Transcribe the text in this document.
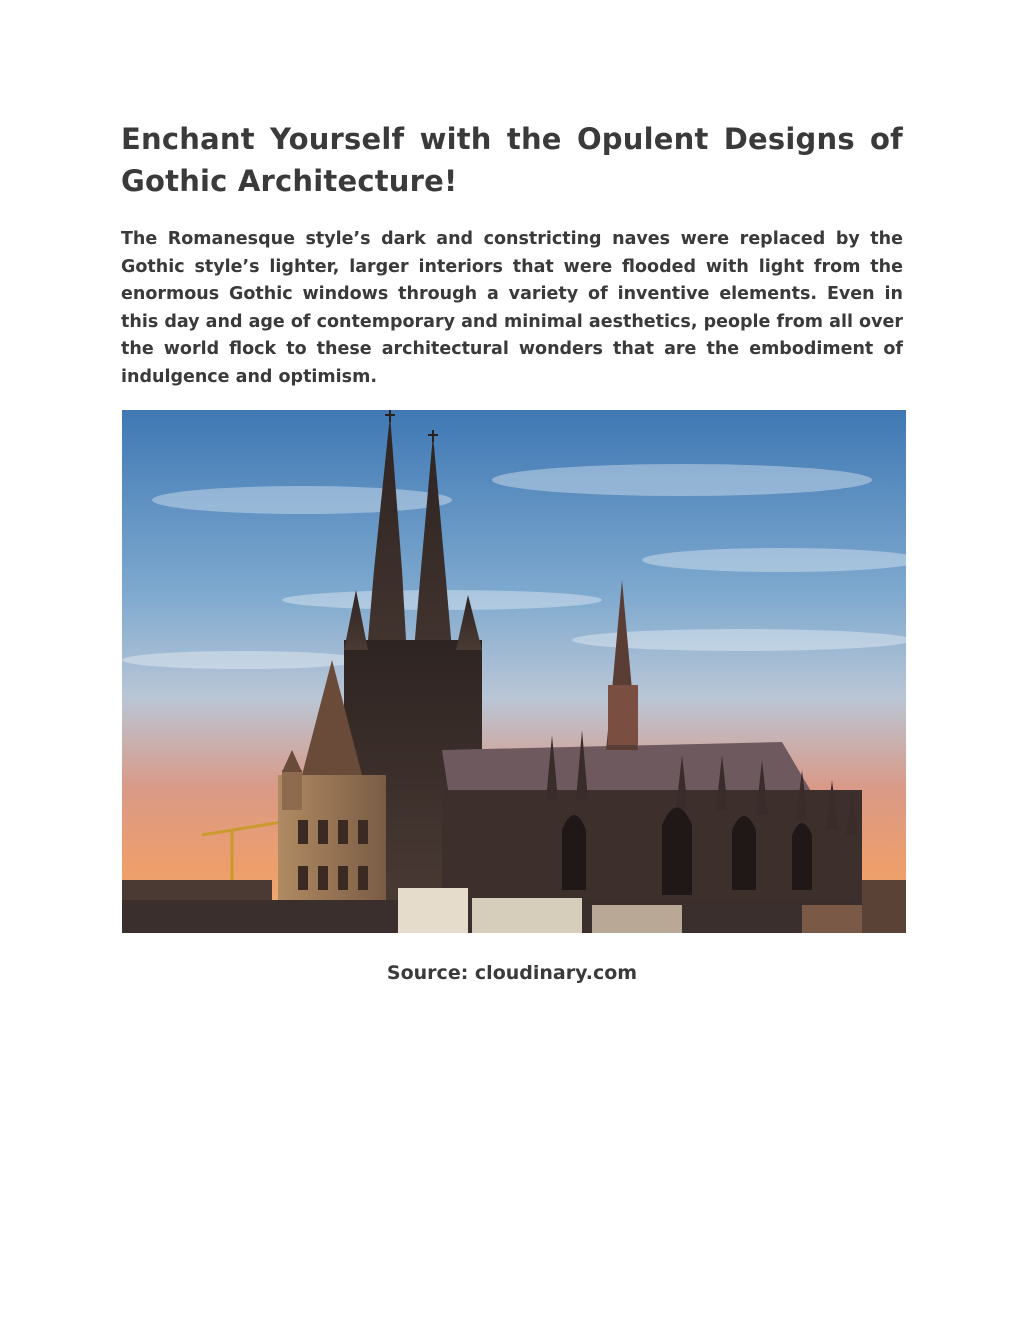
Enchant Yourself with the Opulent Designs of Gothic Architecture!

The Romanesque style’s dark and constricting naves were replaced by the Gothic style’s lighter, larger interiors that were flooded with light from the enormous Gothic windows through a variety of inventive elements. Even in this day and age of contemporary and minimal aesthetics, people from all over the world flock to these architectural wonders that are the embodiment of indulgence and optimism.

Source: cloudinary.com
